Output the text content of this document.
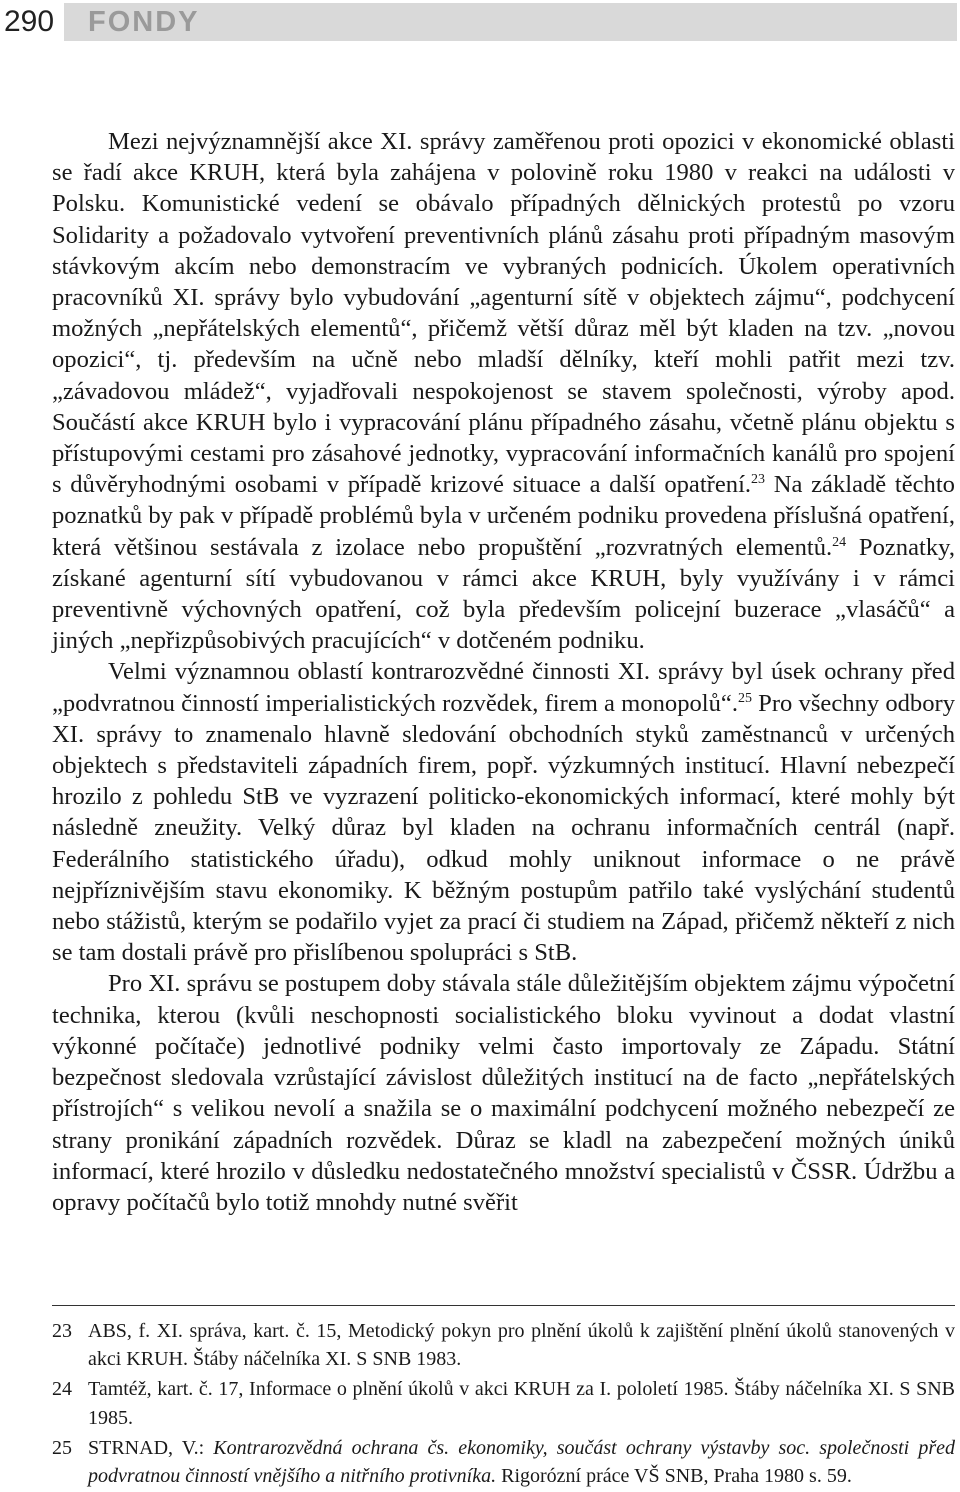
290	FONDY

Mezi nejvýznamnější akce XI. správy zaměřenou proti opozici v ekonomické oblasti se řadí akce KRUH, která byla zahájena v polovině roku 1980 v reakci na události v Polsku. Komunistické vedení se obávalo případných dělnických protestů po vzoru Solidarity a požadovalo vytvoření preventivních plánů zásahu proti případným masovým stávkovým akcím nebo demonstracím ve vybraných podnicích. Úkolem operativních pracovníků XI. správy bylo vybudování „agenturní sítě v objektech zájmu“, podchycení možných „nepřátelských elementů“, přičemž větší důraz měl být kladen na tzv. „novou opozici“, tj. především na učně nebo mladší dělníky, kteří mohli patřit mezi tzv. „závadovou mládež“, vyjadřovali nespokojenost se stavem společnosti, výroby apod. Součástí akce KRUH bylo i vypracování plánu případného zásahu, včetně plánu objektu s přístupovými cestami pro zásahové jednotky, vypracování informačních kanálů pro spojení s důvěryhodnými osobami v případě krizové situace a další opatření.$^{23}$ Na základě těchto poznatků by pak v případě problémů byla v určeném podniku provedena příslušná opatření, která většinou sestávala z izolace nebo propuštění „rozvratných elementů.$^{24}$ Poznatky, získané agenturní sítí vybudovanou v rámci akce KRUH, byly využívány i v rámci preventivně výchovných opatření, což byla především policejní buzerace „vlasáčů“ a jiných „nepřizpůsobivých pracujících“ v dotčeném podniku.

Velmi významnou oblastí kontrarozvědné činnosti XI. správy byl úsek ochrany před „podvratnou činností imperialistických rozvědek, firem a monopolů“.$^{25}$ Pro všechny odbory XI. správy to znamenalo hlavně sledování obchodních styků zaměstnanců v určených objektech s představiteli západních firem, popř. výzkumných institucí. Hlavní nebezpečí hrozilo z pohledu StB ve vyzrazení politicko-ekonomických informací, které mohly být následně zneužity. Velký důraz byl kladen na ochranu informačních centrál (např. Federálního statistického úřadu), odkud mohly uniknout informace o ne právě nejpříznivějším stavu ekonomiky. K běžným postupům patřilo také vyslýchání studentů nebo stážistů, kterým se podařilo vyjet za prací či studiem na Západ, přičemž někteří z nich se tam dostali právě pro přislíbenou spolupráci s StB.

Pro XI. správu se postupem doby stávala stále důležitějším objektem zájmu výpočetní technika, kterou (kvůli neschopnosti socialistického bloku vyvinout a dodat vlastní výkonné počítače) jednotlivé podniky velmi často importovaly ze Západu. Státní bezpečnost sledovala vzrůstající závislost důležitých institucí na de facto „nepřátelských přístrojích“ s velikou nevolí a snažila se o maximální podchycení možného nebezpečí ze strany pronikání západních rozvědek. Důraz se kladl na zabezpečení možných úniků informací, které hrozilo v důsledku nedostatečného množství specialistů v ČSSR. Údržbu a opravy počítačů bylo totiž mnohdy nutné svěřit

23 ABS, f. XI. správa, kart. č. 15, Metodický pokyn pro plnění úkolů k zajištění plnění úkolů stanovených v akci KRUH. Štáby náčelníka XI. S SNB 1983.
24 Tamtéž, kart. č. 17, Informace o plnění úkolů v akci KRUH za I. pololetí 1985. Štáby náčelníka XI. S SNB 1985.
25 STRNAD, V.: Kontrarozvědná ochrana čs. ekonomiky, součást ochrany výstavby soc. společnosti před podvratnou činností vnějšího a nitřního protivníka. Rigorózní práce VŠ SNB, Praha 1980 s. 59.
